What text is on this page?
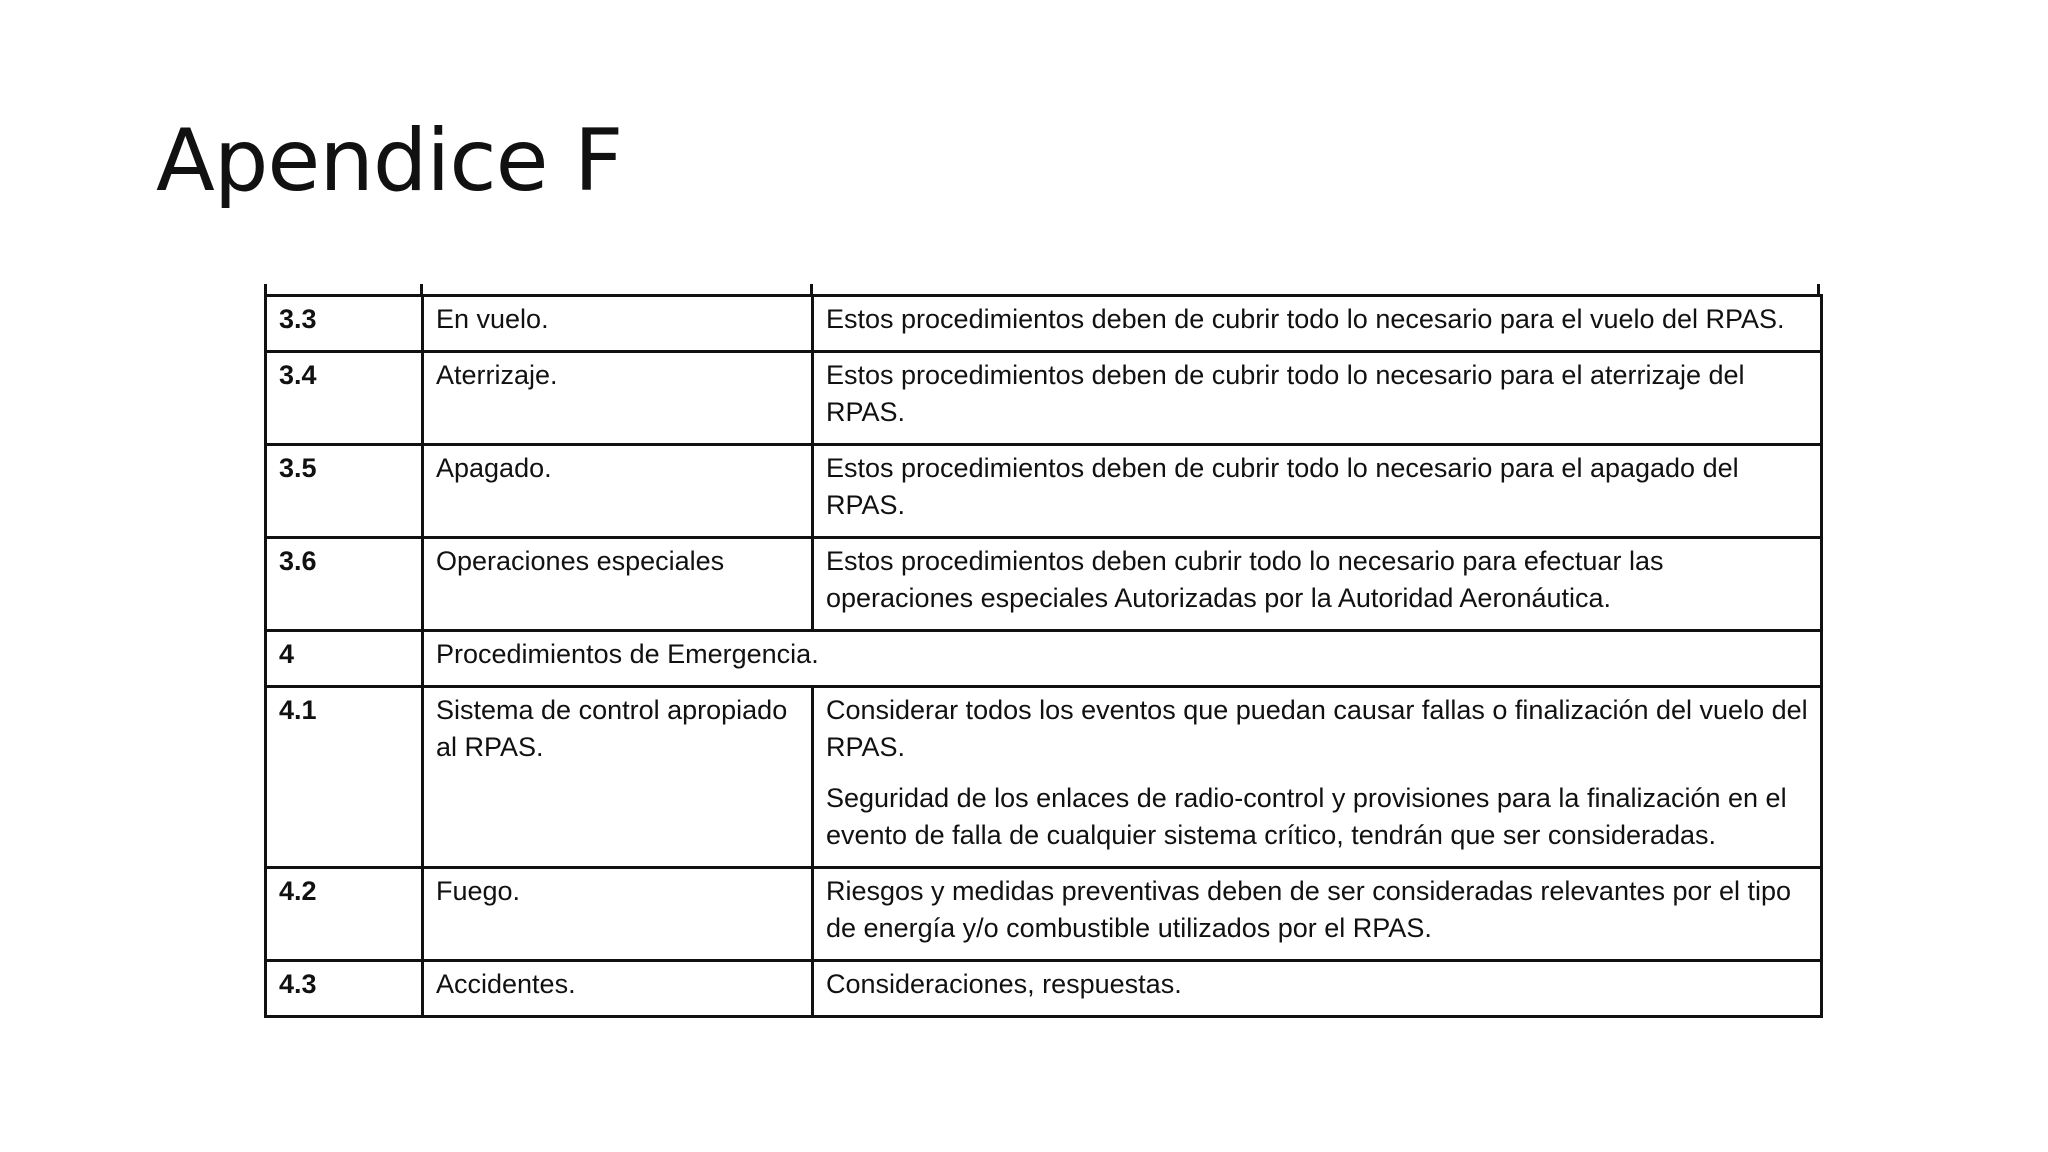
Apendice F
3.3	En vuelo.	Estos procedimientos deben de cubrir todo lo necesario para el vuelo del RPAS.

3.4	Aterrizaje.	Estos procedimientos deben de cubrir todo lo necesario para el aterrizaje del RPAS.

3.5	Apagado.	Estos procedimientos deben de cubrir todo lo necesario para el apagado del RPAS.

3.6	Operaciones especiales	Estos procedimientos deben cubrir todo lo necesario para efectuar las operaciones especiales Autorizadas por la Autoridad Aeronáutica.

4	Procedimientos de Emergencia.	
4.1	Sistema de control apropiado al RPAS.	Considerar todos los eventos que puedan causar fallas o finalización del vuelo del RPAS.
Seguridad de los enlaces de radio-control y provisiones para la finalización en el evento de falla de cualquier sistema crítico, tendrán que ser consideradas.

4.2	Fuego.	Riesgos y medidas preventivas deben de ser consideradas relevantes por el tipo de energía y/o combustible utilizados por el RPAS.

4.3	Accidentes.	Consideraciones, respuestas.
